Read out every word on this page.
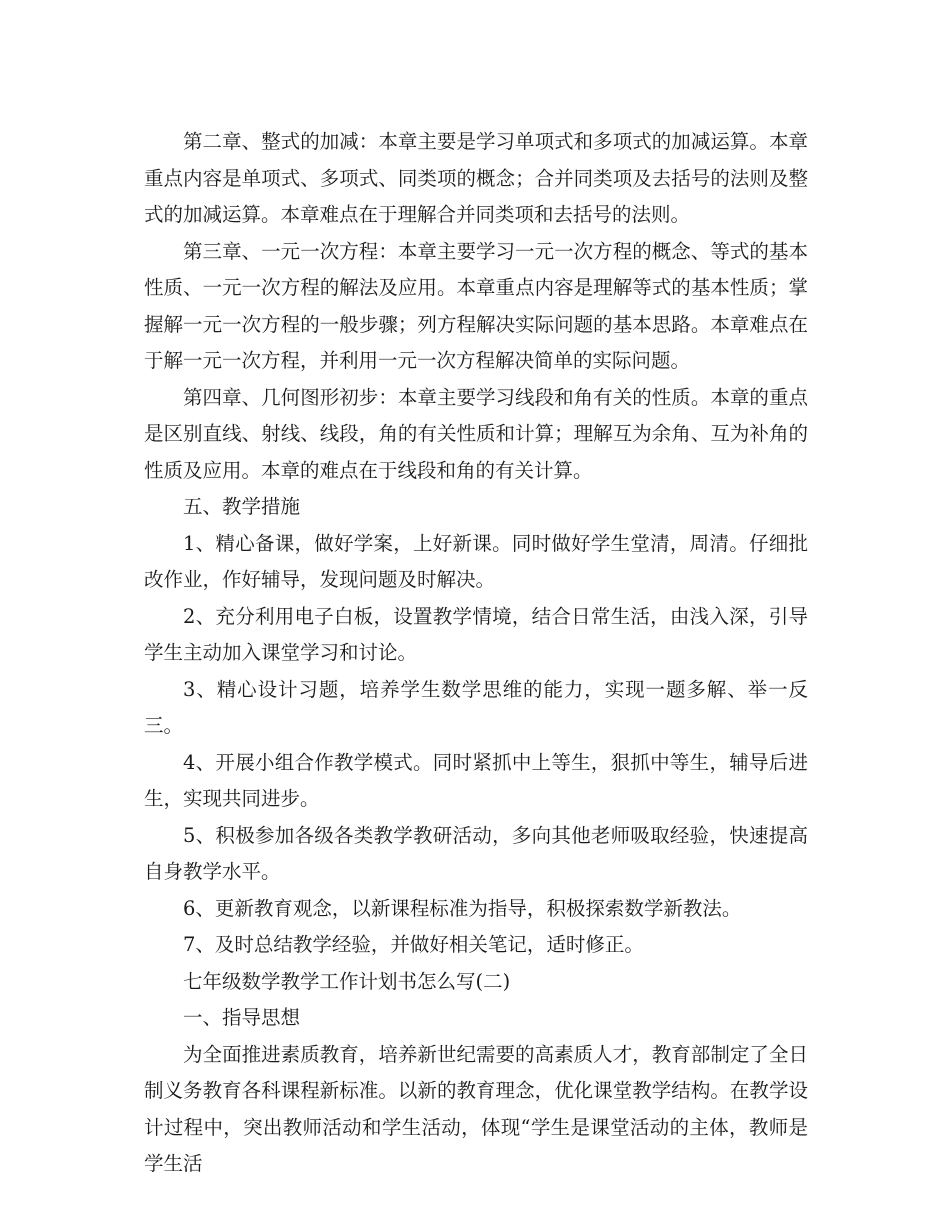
第二章、整式的加减：本章主要是学习单项式和多项式的加减运算。本章重点内容是单项式、多项式、同类项的概念；合并同类项及去括号的法则及整式的加减运算。本章难点在于理解合并同类项和去括号的法则。

第三章、一元一次方程：本章主要学习一元一次方程的概念、等式的基本性质、一元一次方程的解法及应用。本章重点内容是理解等式的基本性质；掌握解一元一次方程的一般步骤；列方程解决实际问题的基本思路。本章难点在于解一元一次方程，并利用一元一次方程解决简单的实际问题。

第四章、几何图形初步：本章主要学习线段和角有关的性质。本章的重点是区别直线、射线、线段，角的有关性质和计算；理解互为余角、互为补角的性质及应用。本章的难点在于线段和角的有关计算。

五、教学措施

1、精心备课，做好学案，上好新课。同时做好学生堂清，周清。仔细批改作业，作好辅导，发现问题及时解决。

2、充分利用电子白板，设置教学情境，结合日常生活，由浅入深，引导学生主动加入课堂学习和讨论。

3、精心设计习题，培养学生数学思维的能力，实现一题多解、举一反三。

4、开展小组合作教学模式。同时紧抓中上等生，狠抓中等生，辅导后进生，实现共同进步。

5、积极参加各级各类教学教研活动，多向其他老师吸取经验，快速提高自身教学水平。

6、更新教育观念，以新课程标准为指导，积极探索数学新教法。

7、及时总结教学经验，并做好相关笔记，适时修正。

七年级数学教学工作计划书怎么写(二)

一、指导思想

为全面推进素质教育，培养新世纪需要的高素质人才，教育部制定了全日制义务教育各科课程新标准。以新的教育理念，优化课堂教学结构。在教学设计过程中，突出教师活动和学生活动，体现“学生是课堂活动的主体，教师是学生活
